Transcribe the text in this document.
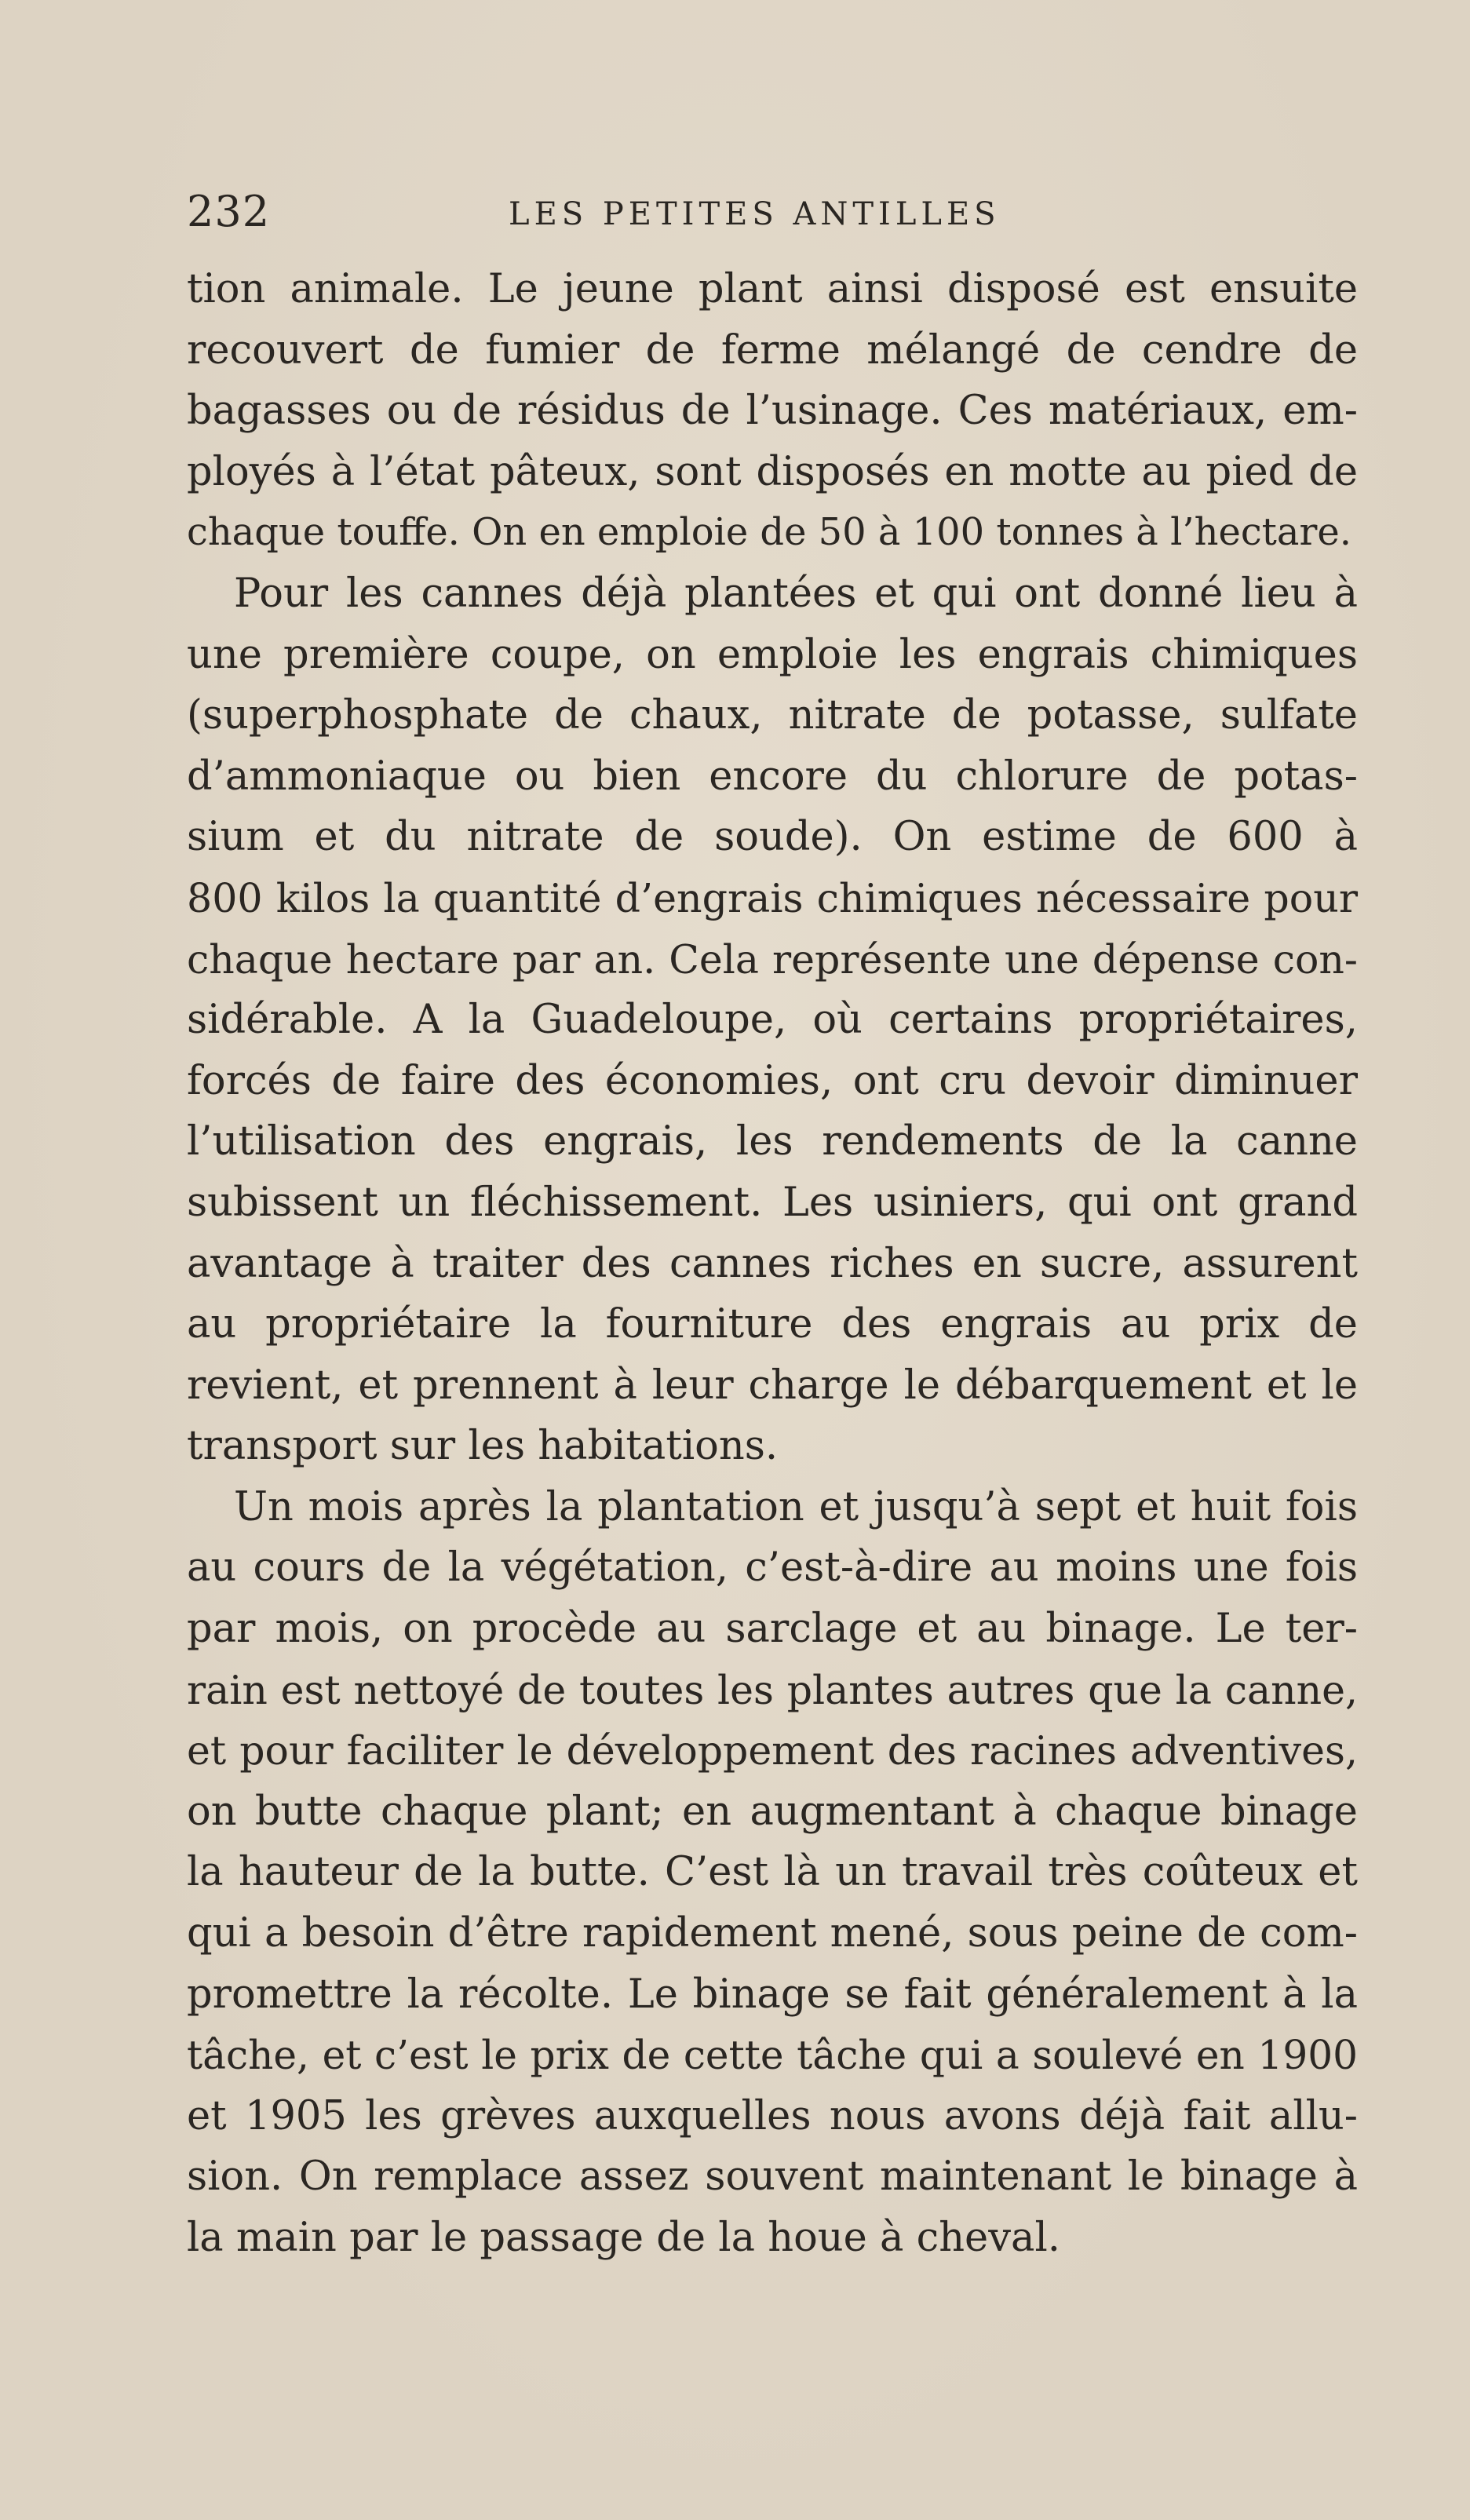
232	LES PETITES ANTILLES
tion animale. Le jeune plant ainsi disposé est ensuite
recouvert de fumier de ferme mélangé de cendre de
bagasses ou de résidus de l’usinage. Ces matériaux, em-
ployés à l’état pâteux, sont disposés en motte au pied de
chaque touffe. On en emploie de 50 à 100 tonnes à l’hectare.
Pour les cannes déjà plantées et qui ont donné lieu à
une première coupe, on emploie les engrais chimiques
(superphosphate de chaux, nitrate de potasse, sulfate
d’ammoniaque ou bien encore du chlorure de potas-
sium et du nitrate de soude). On estime de 600 à
800 kilos la quantité d’engrais chimiques nécessaire pour
chaque hectare par an. Cela représente une dépense con-
sidérable. A la Guadeloupe, où certains propriétaires,
forcés de faire des économies, ont cru devoir diminuer
l’utilisation des engrais, les rendements de la canne
subissent un fléchissement. Les usiniers, qui ont grand
avantage à traiter des cannes riches en sucre, assurent
au propriétaire la fourniture des engrais au prix de
revient, et prennent à leur charge le débarquement et le
transport sur les habitations.
Un mois après la plantation et jusqu’à sept et huit fois
au cours de la végétation, c’est-à-dire au moins une fois
par mois, on procède au sarclage et au binage. Le ter-
rain est nettoyé de toutes les plantes autres que la canne,
et pour faciliter le développement des racines adventives,
on butte chaque plant; en augmentant à chaque binage
la hauteur de la butte. C’est là un travail très coûteux et
qui a besoin d’être rapidement mené, sous peine de com-
promettre la récolte. Le binage se fait généralement à la
tâche, et c’est le prix de cette tâche qui a soulevé en 1900
et 1905 les grèves auxquelles nous avons déjà fait allu-
sion. On remplace assez souvent maintenant le binage à
la main par le passage de la houe à cheval.
